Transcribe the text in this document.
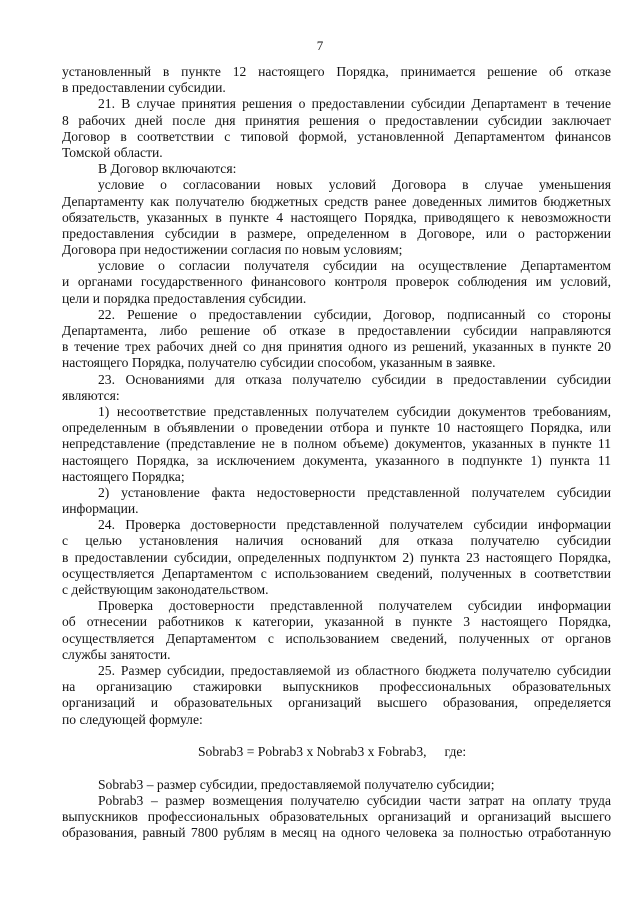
7
установленный в пункте 12 настоящего Порядка, принимается решение об отказе
в предоставлении субсидии.
21. В случае принятия решения о предоставлении субсидии Департамент в течение
8 рабочих дней после дня принятия решения о предоставлении субсидии заключает
Договор в соответствии с типовой формой, установленной Департаментом финансов
Томской области.
В Договор включаются:
условие о согласовании новых условий Договора в случае уменьшения
Департаменту как получателю бюджетных средств ранее доведенных лимитов бюджетных
обязательств, указанных в пункте 4 настоящего Порядка, приводящего к невозможности
предоставления субсидии в размере, определенном в Договоре, или о расторжении
Договора при недостижении согласия по новым условиям;
условие о согласии получателя субсидии на осуществление Департаментом
и органами государственного финансового контроля проверок соблюдения им условий,
цели и порядка предоставления субсидии.
22. Решение о предоставлении субсидии, Договор, подписанный со стороны
Департамента, либо решение об отказе в предоставлении субсидии направляются
в течение трех рабочих дней со дня принятия одного из решений, указанных в пункте 20
настоящего Порядка, получателю субсидии способом, указанным в заявке.
23. Основаниями для отказа получателю субсидии в предоставлении субсидии
являются:
1) несоответствие представленных получателем субсидии документов требованиям,
определенным в объявлении о проведении отбора и пункте 10 настоящего Порядка, или
непредставление (представление не в полном объеме) документов, указанных в пункте 11
настоящего Порядка, за исключением документа, указанного в подпункте 1) пункта 11
настоящего Порядка;
2) установление факта недостоверности представленной получателем субсидии
информации.
24. Проверка достоверности представленной получателем субсидии информации
с целью установления наличия оснований для отказа получателю субсидии
в предоставлении субсидии, определенных подпунктом 2) пункта 23 настоящего Порядка,
осуществляется Департаментом с использованием сведений, полученных в соответствии
с действующим законодательством.
Проверка достоверности представленной получателем субсидии информации
об отнесении работников к категории, указанной в пункте 3 настоящего Порядка,
осуществляется Департаментом с использованием сведений, полученных от органов
службы занятости.
25. Размер субсидии, предоставляемой из областного бюджета получателю субсидии
на организацию стажировки выпускников профессиональных образовательных
организаций и образовательных организаций высшего образования, определяется
по следующей формуле:
Sobrab3 = Pobrab3 x Nobrab3 x Fobrab3, где:
Sobrab3 – размер субсидии, предоставляемой получателю субсидии;
Pobrab3 – размер возмещения получателю субсидии части затрат на оплату труда
выпускников профессиональных образовательных организаций и организаций высшего
образования, равный 7800 рублям в месяц на одного человека за полностью отработанную
